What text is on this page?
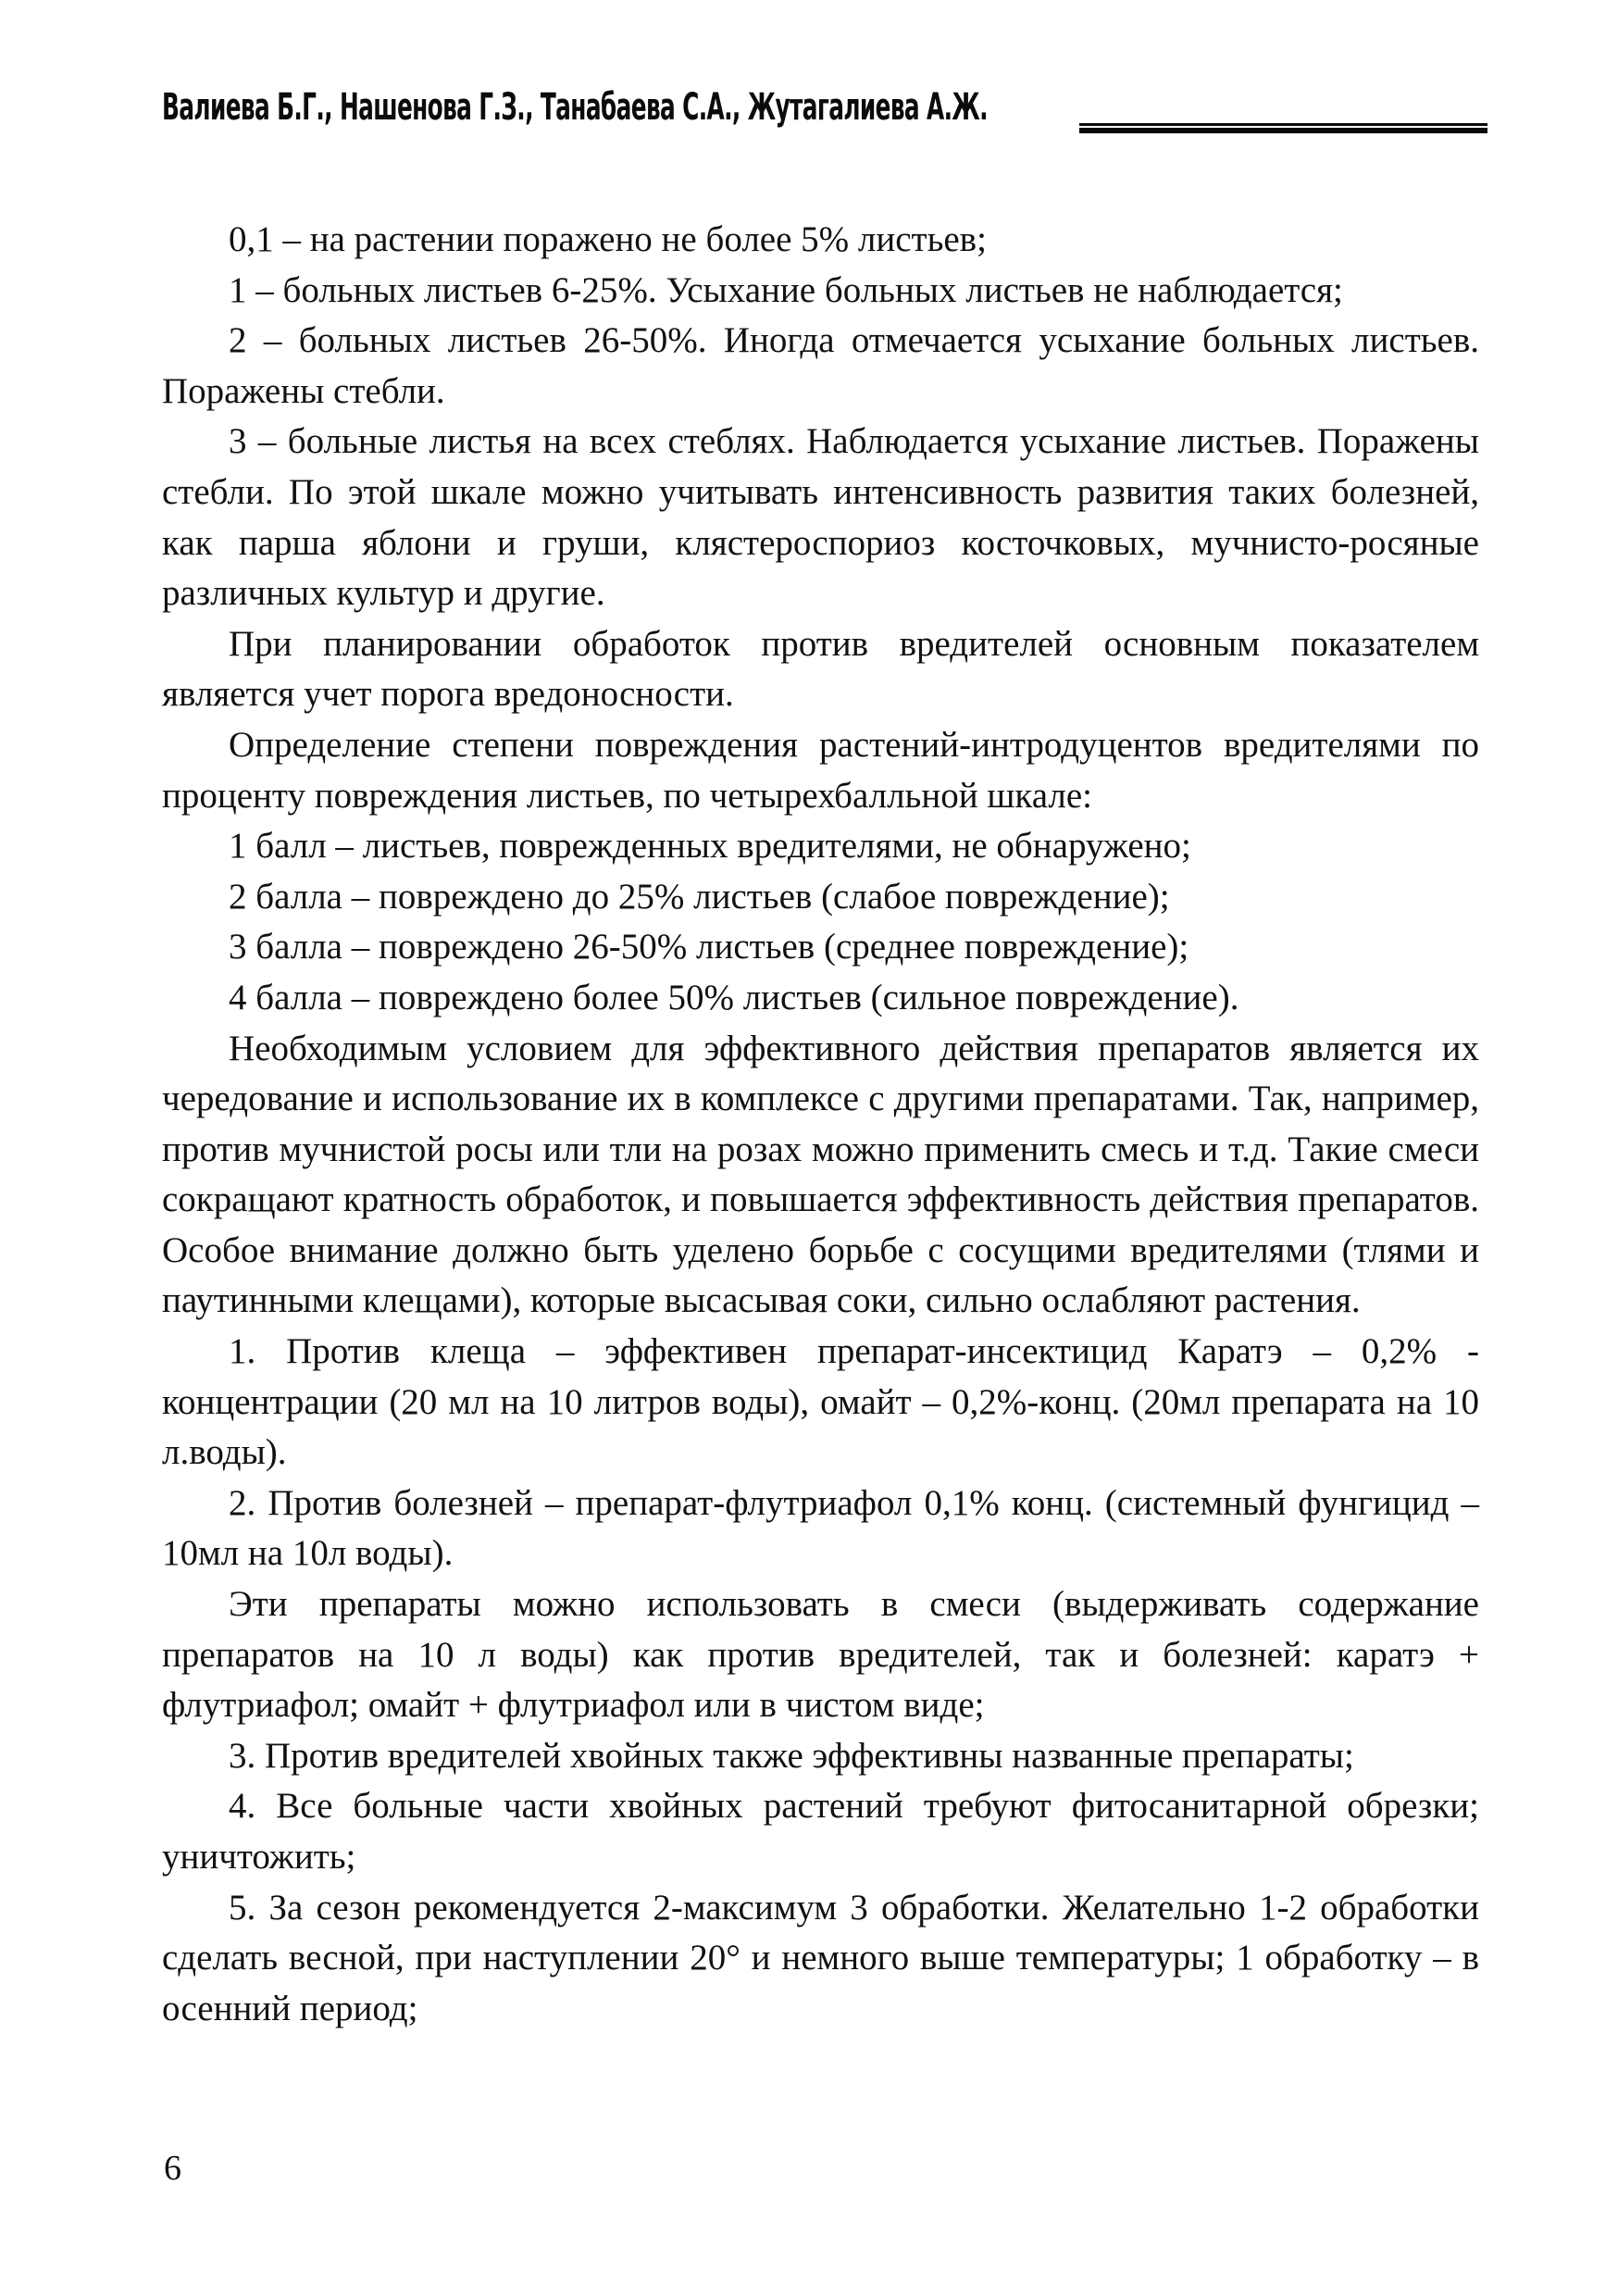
Валиева Б.Г., Нашенова Г.З., Танабаева С.А., Жутагалиева А.Ж.

0,1 – на растении поражено не более 5% листьев;

1 – больных листьев 6-25%. Усыхание больных листьев не наблюдается;

2 – больных листьев 26-50%. Иногда отмечается усыхание больных листьев. Поражены стебли.

3 – больные листья на всех стеблях. Наблюдается усыхание листьев. Поражены стебли. По этой шкале можно учитывать интенсивность развития таких болезней, как парша яблони и груши, клястероспориоз косточковых, мучнисто-росяные различных культур и другие.

При планировании обработок против вредителей основным показателем является учет порога вредоносности.

Определение степени повреждения растений-интродуцентов вредителями по проценту повреждения листьев, по четырехбалльной шкале:

1 балл – листьев, поврежденных вредителями, не обнаружено;

2 балла – повреждено до 25% листьев (слабое повреждение);

3 балла – повреждено 26-50% листьев (среднее повреждение);

4 балла – повреждено более 50% листьев (сильное повреждение).

Необходимым условием для эффективного действия препаратов является их чередование и использование их в комплексе с другими препаратами. Так, например, против мучнистой росы или тли на розах можно применить смесь и т.д. Такие смеси сокращают кратность обработок, и повышается эффективность действия препаратов. Особое внимание должно быть уделено борьбе с сосущими вредителями (тлями и паутинными клещами), которые высасывая соки, сильно ослабляют растения.

1. Против клеща – эффективен препарат-инсектицид Каратэ – 0,2% - концентрации (20 мл на 10 литров воды), омайт – 0,2%-конц. (20мл препарата на 10 л.воды).

2. Против болезней – препарат-флутриафол 0,1% конц. (системный фунгицид – 10мл на 10л воды).

Эти препараты можно использовать в смеси (выдерживать содержание препаратов на 10 л воды) как против вредителей, так и болезней: каратэ + флутриафол; омайт + флутриафол или в чистом виде;

3. Против вредителей хвойных также эффективны названные препараты;

4. Все больные части хвойных растений требуют фитосанитарной обрезки; уничтожить;

5. За сезон рекомендуется 2-максимум 3 обработки. Желательно 1-2 обработки сделать весной, при наступлении 20° и немного выше температуры; 1 обработку – в осенний период;

6
